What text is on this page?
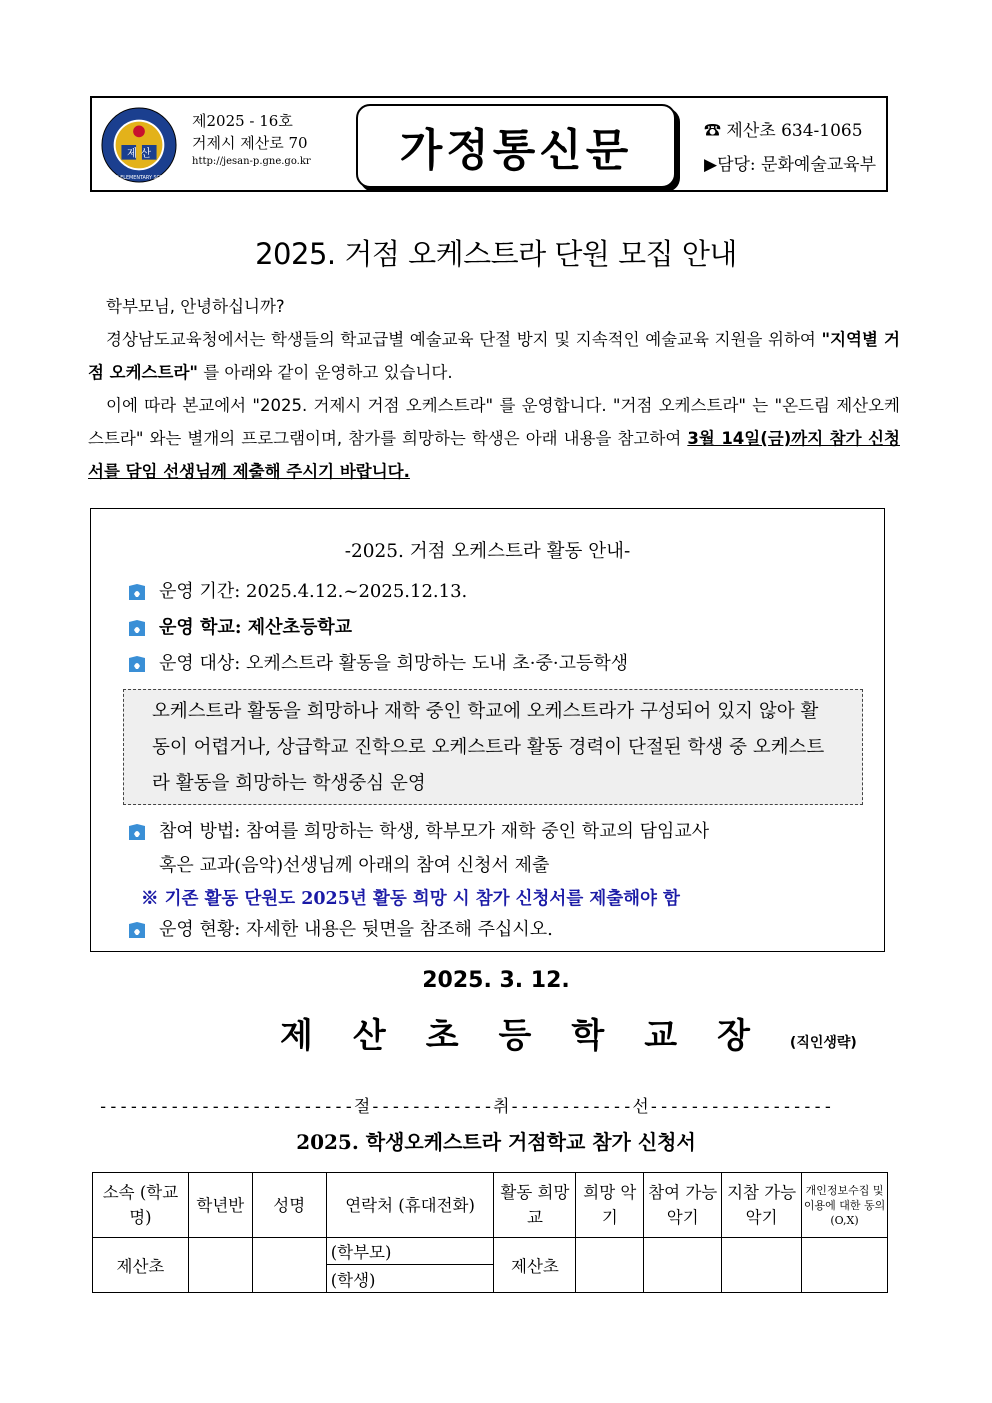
제 산
JESAN ELEMENTARY SCHOOL
제2025 - 16호
거제시 제산로 70
http://jesan-p.gne.go.kr	가정통신문	☎ 제산초 634-1065
▶담당: 문화예술교육부
2025. 거점 오케스트라 단원 모집 안내

학부모님, 안녕하십니까?

경상남도교육청에서는 학생들의 학교급별 예술교육 단절 방지 및 지속적인 예술교육 지원을 위하여 "지역별 거점 오케스트라" 를 아래와 같이 운영하고 있습니다.

이에 따라 본교에서 "2025. 거제시 거점 오케스트라" 를 운영합니다. "거점 오케스트라" 는 "온드림 제산오케스트라" 와는 별개의 프로그램이며, 참가를 희망하는 학생은 아래 내용을 참고하여 3월 14일(금)까지 참가 신청서를 담임 선생님께 제출해 주시기 바랍니다.

-2025. 거점 오케스트라 활동 안내-
운영 기간: 2025.4.12.~2025.12.13.
운영 학교: 제산초등학교
운영 대상: 오케스트라 활동을 희망하는 도내 초·중·고등학생
오케스트라 활동을 희망하나 재학 중인 학교에 오케스트라가 구성되어 있지 않아 활동이 어렵거나, 상급학교 진학으로 오케스트라 활동 경력이 단절된 학생 중 오케스트라 활동을 희망하는 학생중심 운영
참여 방법: 참여를 희망하는 학생, 학부모가 재학 중인 학교의 담임교사
혹은 교과(음악)선생님께 아래의 참여 신청서 제출
※ 기존 활동 단원도 2025년 활동 희망 시 참가 신청서를 제출해야 함
운영 현황: 자세한 내용은 뒷면을 참조해 주십시오.
2025. 3. 12.
제산초등학교장(직인생략)
-------------------------절------------취------------선------------------
2025. 학생오케스트라 거점학교 참가 신청서
소속 (학교명)	학년반	성명	연락처 (휴대전화)	활동 희망교	희망 악기	참여 가능 악기	지참 가능 악기	개인정보수집 및 이용에 대한 동의(O,X)
제산초			(학부모)	제산초				
			(학생)					
